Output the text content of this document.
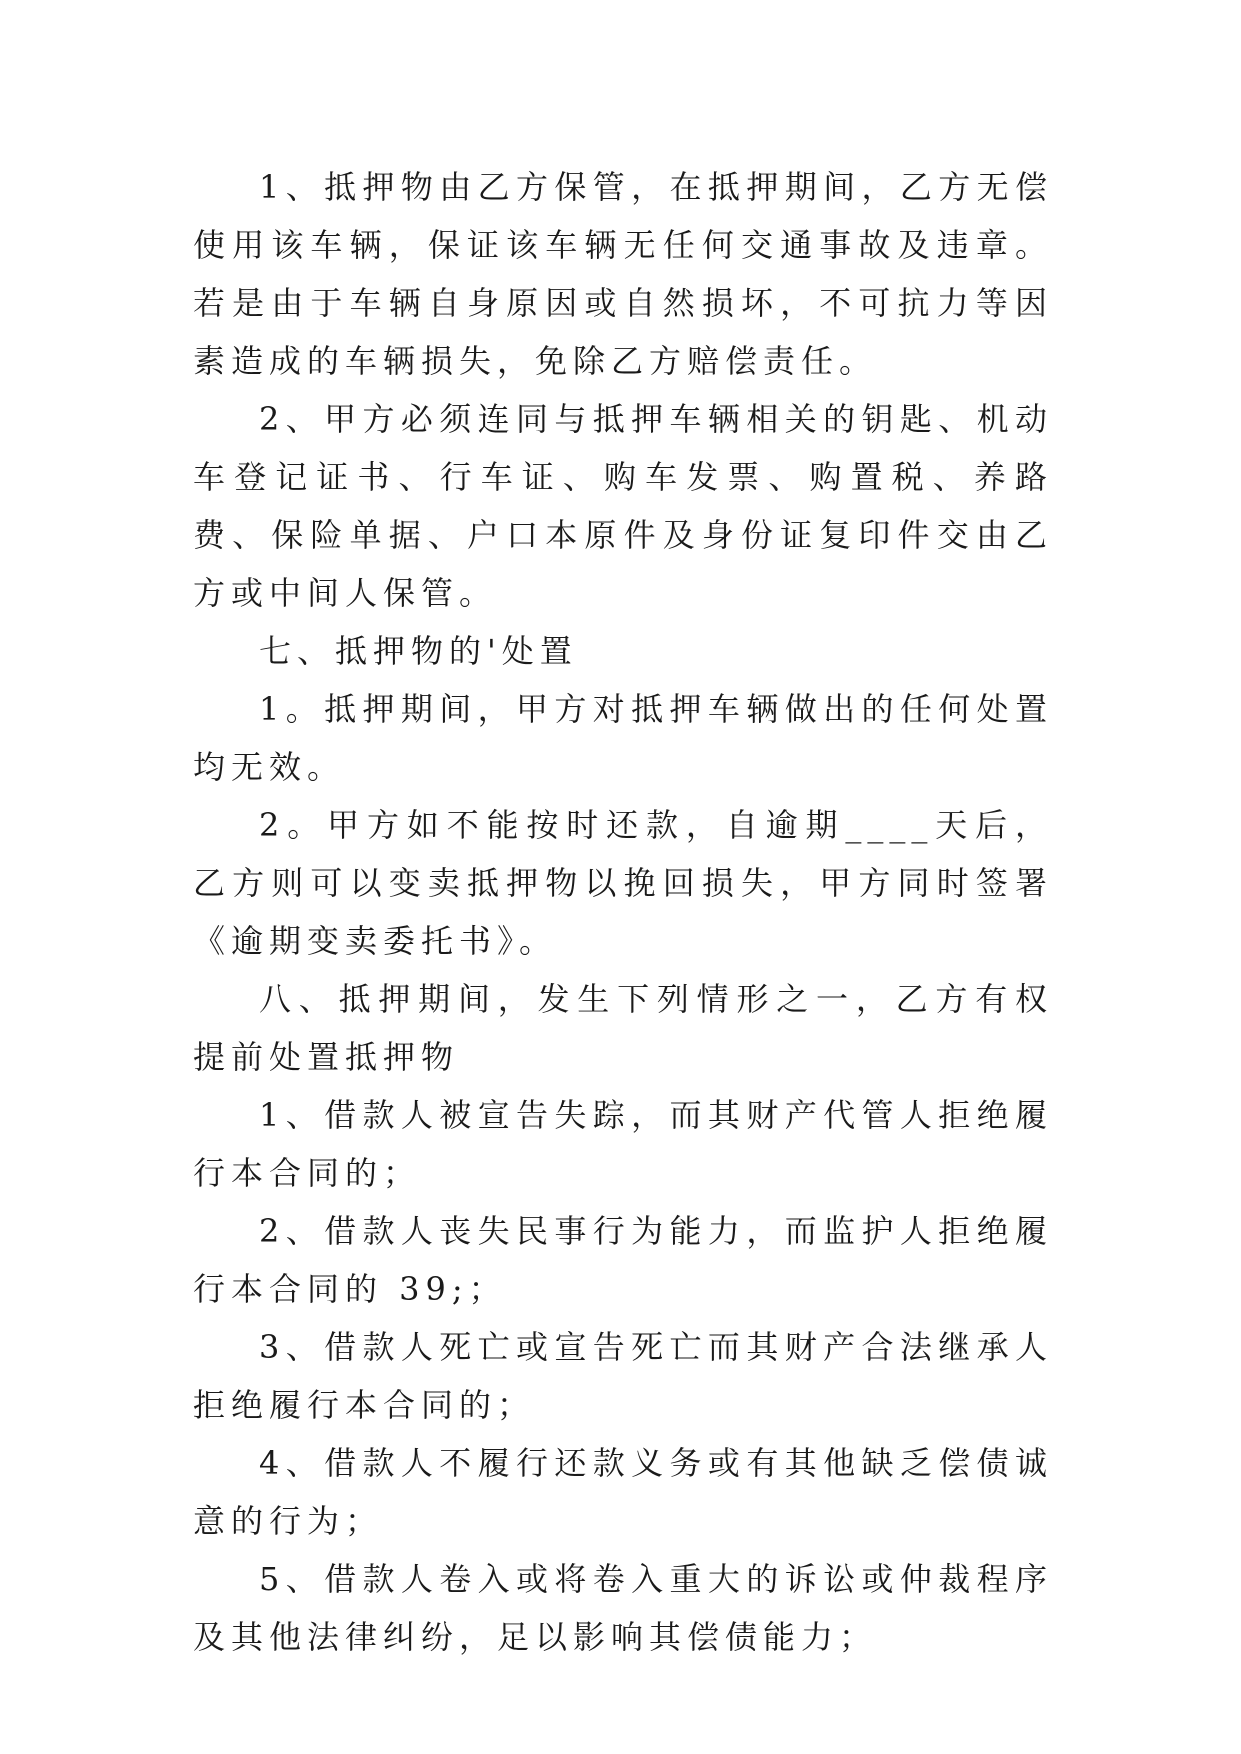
1、抵押物由乙方保管，在抵押期间，乙方无偿使用该车辆，保证该车辆无任何交通事故及违章。若是由于车辆自身原因或自然损坏，不可抗力等因素造成的车辆损失，免除乙方赔偿责任。

2、甲方必须连同与抵押车辆相关的钥匙、机动车登记证书、行车证、购车发票、购置税、养路费、保险单据、户口本原件及身份证复印件交由乙方或中间人保管。

七、抵押物的'处置

1。抵押期间，甲方对抵押车辆做出的任何处置均无效。

2。甲方如不能按时还款，自逾期____天后，乙方则可以变卖抵押物以挽回损失，甲方同时签署《逾期变卖委托书》。

八、抵押期间，发生下列情形之一，乙方有权提前处置抵押物

1、借款人被宣告失踪，而其财产代管人拒绝履行本合同的；

2、借款人丧失民事行为能力，而监护人拒绝履行本合同的 39;；

3、借款人死亡或宣告死亡而其财产合法继承人拒绝履行本合同的；

4、借款人不履行还款义务或有其他缺乏偿债诚意的行为；

5、借款人卷入或将卷入重大的诉讼或仲裁程序及其他法律纠纷，足以影响其偿债能力；
